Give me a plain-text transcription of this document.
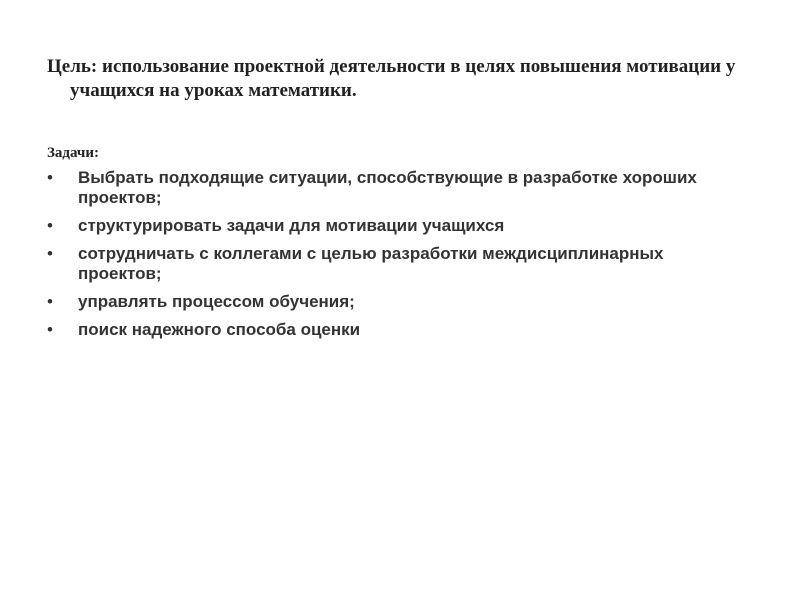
Цель: использование проектной деятельности в целях повышения мотивации у учащихся на уроках математики.
Задачи:
•	Выбрать подходящие ситуации, способствующие в разработке хороших проектов;
•	структурировать задачи для мотивации учащихся
•	сотрудничать с коллегами с целью разработки междисциплинарных проектов;
•	управлять процессом обучения;
•	поиск надежного способа оценки
